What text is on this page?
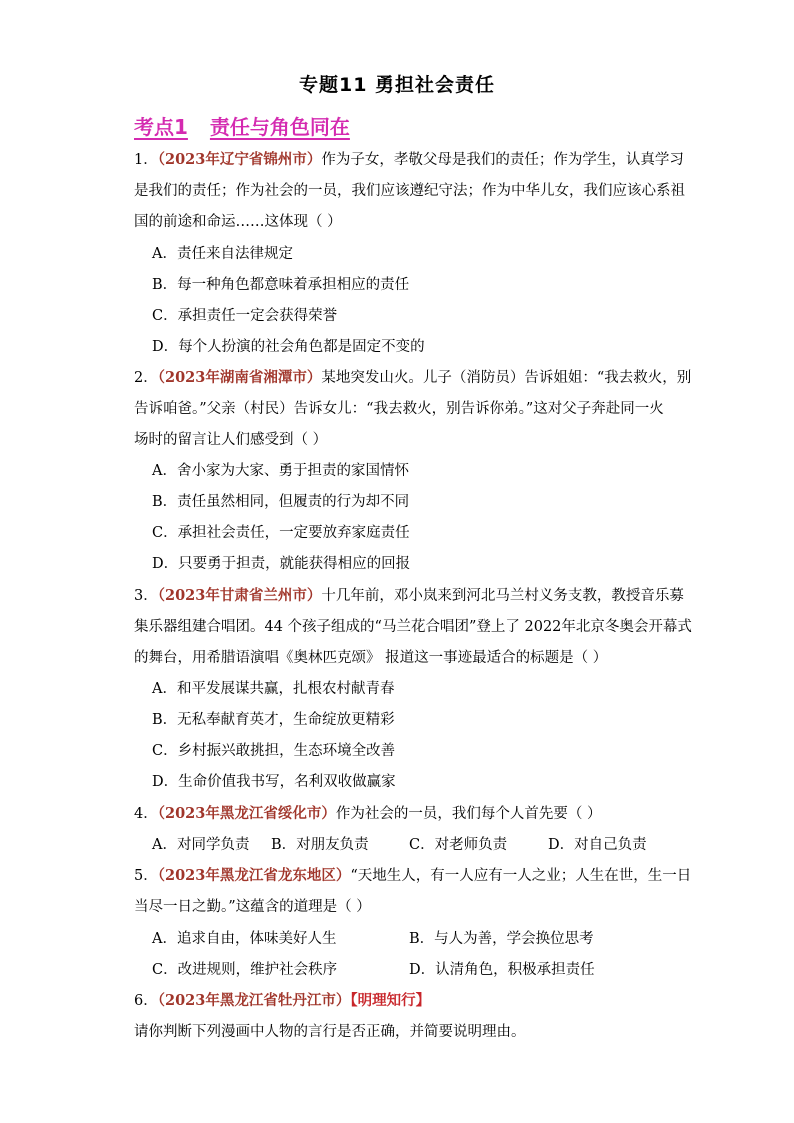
专题11 勇担社会责任
考点1 责任与角色同在
1．（2023年辽宁省锦州市）作为子女，孝敬父母是我们的责任；作为学生，认真学习
是我们的责任；作为社会的一员，我们应该遵纪守法；作为中华儿女，我们应该心系祖
国的前途和命运……这体现（ ）
A．责任来自法律规定
B．每一种角色都意味着承担相应的责任
C．承担责任一定会获得荣誉
D．每个人扮演的社会角色都是固定不变的
2．（2023年湖南省湘潭市）某地突发山火。儿子（消防员）告诉姐姐：“我去救火，别
告诉咱爸。”父亲（村民）告诉女儿：“我去救火，别告诉你弟。”这对父子奔赴同一火
场时的留言让人们感受到（ ）
A．舍小家为大家、勇于担责的家国情怀
B．责任虽然相同，但履责的行为却不同
C．承担社会责任，一定要放弃家庭责任
D．只要勇于担责，就能获得相应的回报
3．（2023年甘肃省兰州市）十几年前，邓小岚来到河北马兰村义务支教，教授音乐募
集乐器组建合唱团。44 个孩子组成的“马兰花合唱团”登上了 2022年北京冬奥会开幕式
的舞台，用希腊语演唱《奥林匹克颂》 报道这一事迹最适合的标题是（ ）
A．和平发展谋共赢，扎根农村献青春
B．无私奉献育英才，生命绽放更精彩
C．乡村振兴敢挑担，生态环境全改善
D．生命价值我书写，名利双收做赢家
4．（2023年黑龙江省绥化市）作为社会的一员，我们每个人首先要（ ）
A．对同学负责 B．对朋友负责	C．对老师负责	D．对自己负责
5．（2023年黑龙江省龙东地区）“天地生人，有一人应有一人之业；人生在世，生一日
当尽一日之勤。”这蕴含的道理是（ ）
A．追求自由，体味美好人生	B．与人为善，学会换位思考
C．改进规则，维护社会秩序	D．认清角色，积极承担责任
6．（2023年黑龙江省牡丹江市）【明理知行】
请你判断下列漫画中人物的言行是否正确，并简要说明理由。
